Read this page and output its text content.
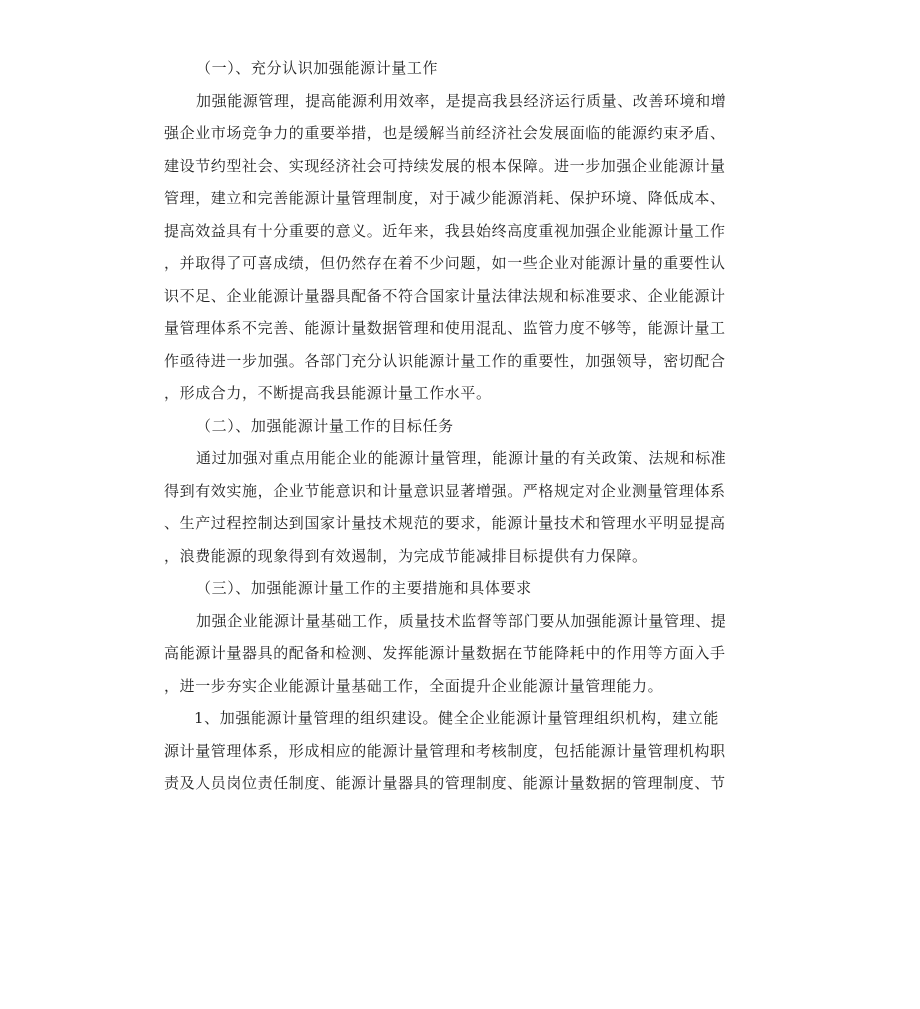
（一）、充分认识加强能源计量工作
加强能源管理，提高能源利用效率，是提高我县经济运行质量、改善环境和增
强企业市场竞争力的重要举措，也是缓解当前经济社会发展面临的能源约束矛盾、
建设节约型社会、实现经济社会可持续发展的根本保障。进一步加强企业能源计量
管理，建立和完善能源计量管理制度，对于减少能源消耗、保护环境、降低成本、
提高效益具有十分重要的意义。近年来，我县始终高度重视加强企业能源计量工作
，并取得了可喜成绩，但仍然存在着不少问题，如一些企业对能源计量的重要性认
识不足、企业能源计量器具配备不符合国家计量法律法规和标准要求、企业能源计
量管理体系不完善、能源计量数据管理和使用混乱、监管力度不够等，能源计量工
作亟待进一步加强。各部门充分认识能源计量工作的重要性，加强领导，密切配合
，形成合力，不断提高我县能源计量工作水平。
（二）、加强能源计量工作的目标任务
通过加强对重点用能企业的能源计量管理，能源计量的有关政策、法规和标准
得到有效实施，企业节能意识和计量意识显著增强。严格规定对企业测量管理体系
、生产过程控制达到国家计量技术规范的要求，能源计量技术和管理水平明显提高
，浪费能源的现象得到有效遏制，为完成节能减排目标提供有力保障。
（三）、加强能源计量工作的主要措施和具体要求
加强企业能源计量基础工作，质量技术监督等部门要从加强能源计量管理、提
高能源计量器具的配备和检测、发挥能源计量数据在节能降耗中的作用等方面入手
，进一步夯实企业能源计量基础工作，全面提升企业能源计量管理能力。
1、加强能源计量管理的组织建设。健全企业能源计量管理组织机构，建立能
源计量管理体系，形成相应的能源计量管理和考核制度，包括能源计量管理机构职
责及人员岗位责任制度、能源计量器具的管理制度、能源计量数据的管理制度、节
